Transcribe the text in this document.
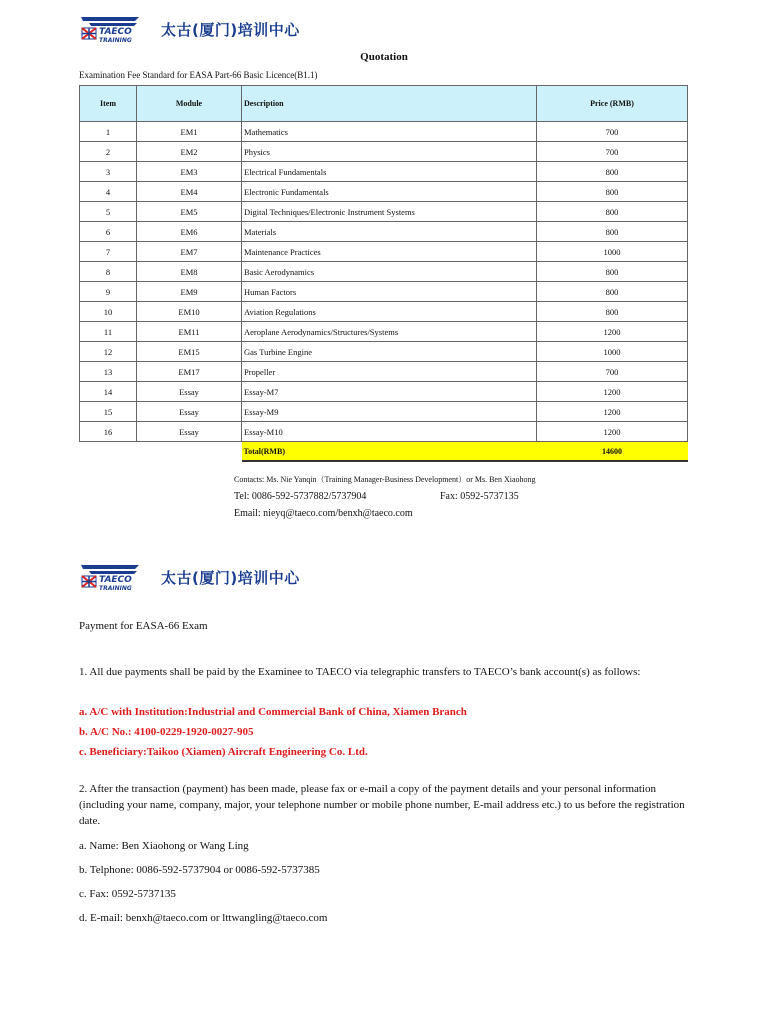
TAECO
TRAINING
太古(厦门)培训中心
Quotation
Examination Fee Standard for EASA Part-66 Basic Licence(B1.1)
Item	Module	Description	Price (RMB)
1	EM1	Mathematics	700
2	EM2	Physics	700
3	EM3	Electrical Fundamentals	800
4	EM4	Electronic Fundamentals	800
5	EM5	Digital Techniques/Electronic Instrument Systems	800
6	EM6	Materials	800
7	EM7	Maintenance Practices	1000
8	EM8	Basic Aerodynamics	800
9	EM9	Human Factors	800
10	EM10	Aviation Regulations	800
11	EM11	Aeroplane Aerodynamics/Structures/Systems	1200
12	EM15	Gas Turbine Engine	1000
13	EM17	Propeller	700
14	Essay	Essay-M7	1200
15	Essay	Essay-M9	1200
16	Essay	Essay-M10	1200
		Total(RMB)	14600
Contacts: Ms. Nie Yanqin（Training Manager-Business Development）or Ms. Ben Xiaohong
Tel: 0086-592-5737882/5737904	Fax: 0592-5737135
Email: nieyq@taeco.com/benxh@taeco.com
TAECO
TRAINING
太古(厦门)培训中心
Payment for EASA-66 Exam
1. All due payments shall be paid by the Examinee to TAECO via telegraphic transfers to TAECO’s bank account(s) as follows:
a. A/C with Institution:Industrial and Commercial Bank of China, Xiamen Branch
b. A/C No.: 4100-0229-1920-0027-905
c. Beneficiary:Taikoo (Xiamen) Aircraft Engineering Co. Ltd.
2. After the transaction (payment) has been made, please fax or e-mail a copy of the payment details and your personal information (including your name, company, major, your telephone number or mobile phone number, E-mail address etc.) to us before the registration date.
a. Name: Ben Xiaohong or Wang Ling
b. Telphone: 0086-592-5737904 or 0086-592-5737385
c. Fax: 0592-5737135
d. E-mail: benxh@taeco.com or lttwangling@taeco.com
